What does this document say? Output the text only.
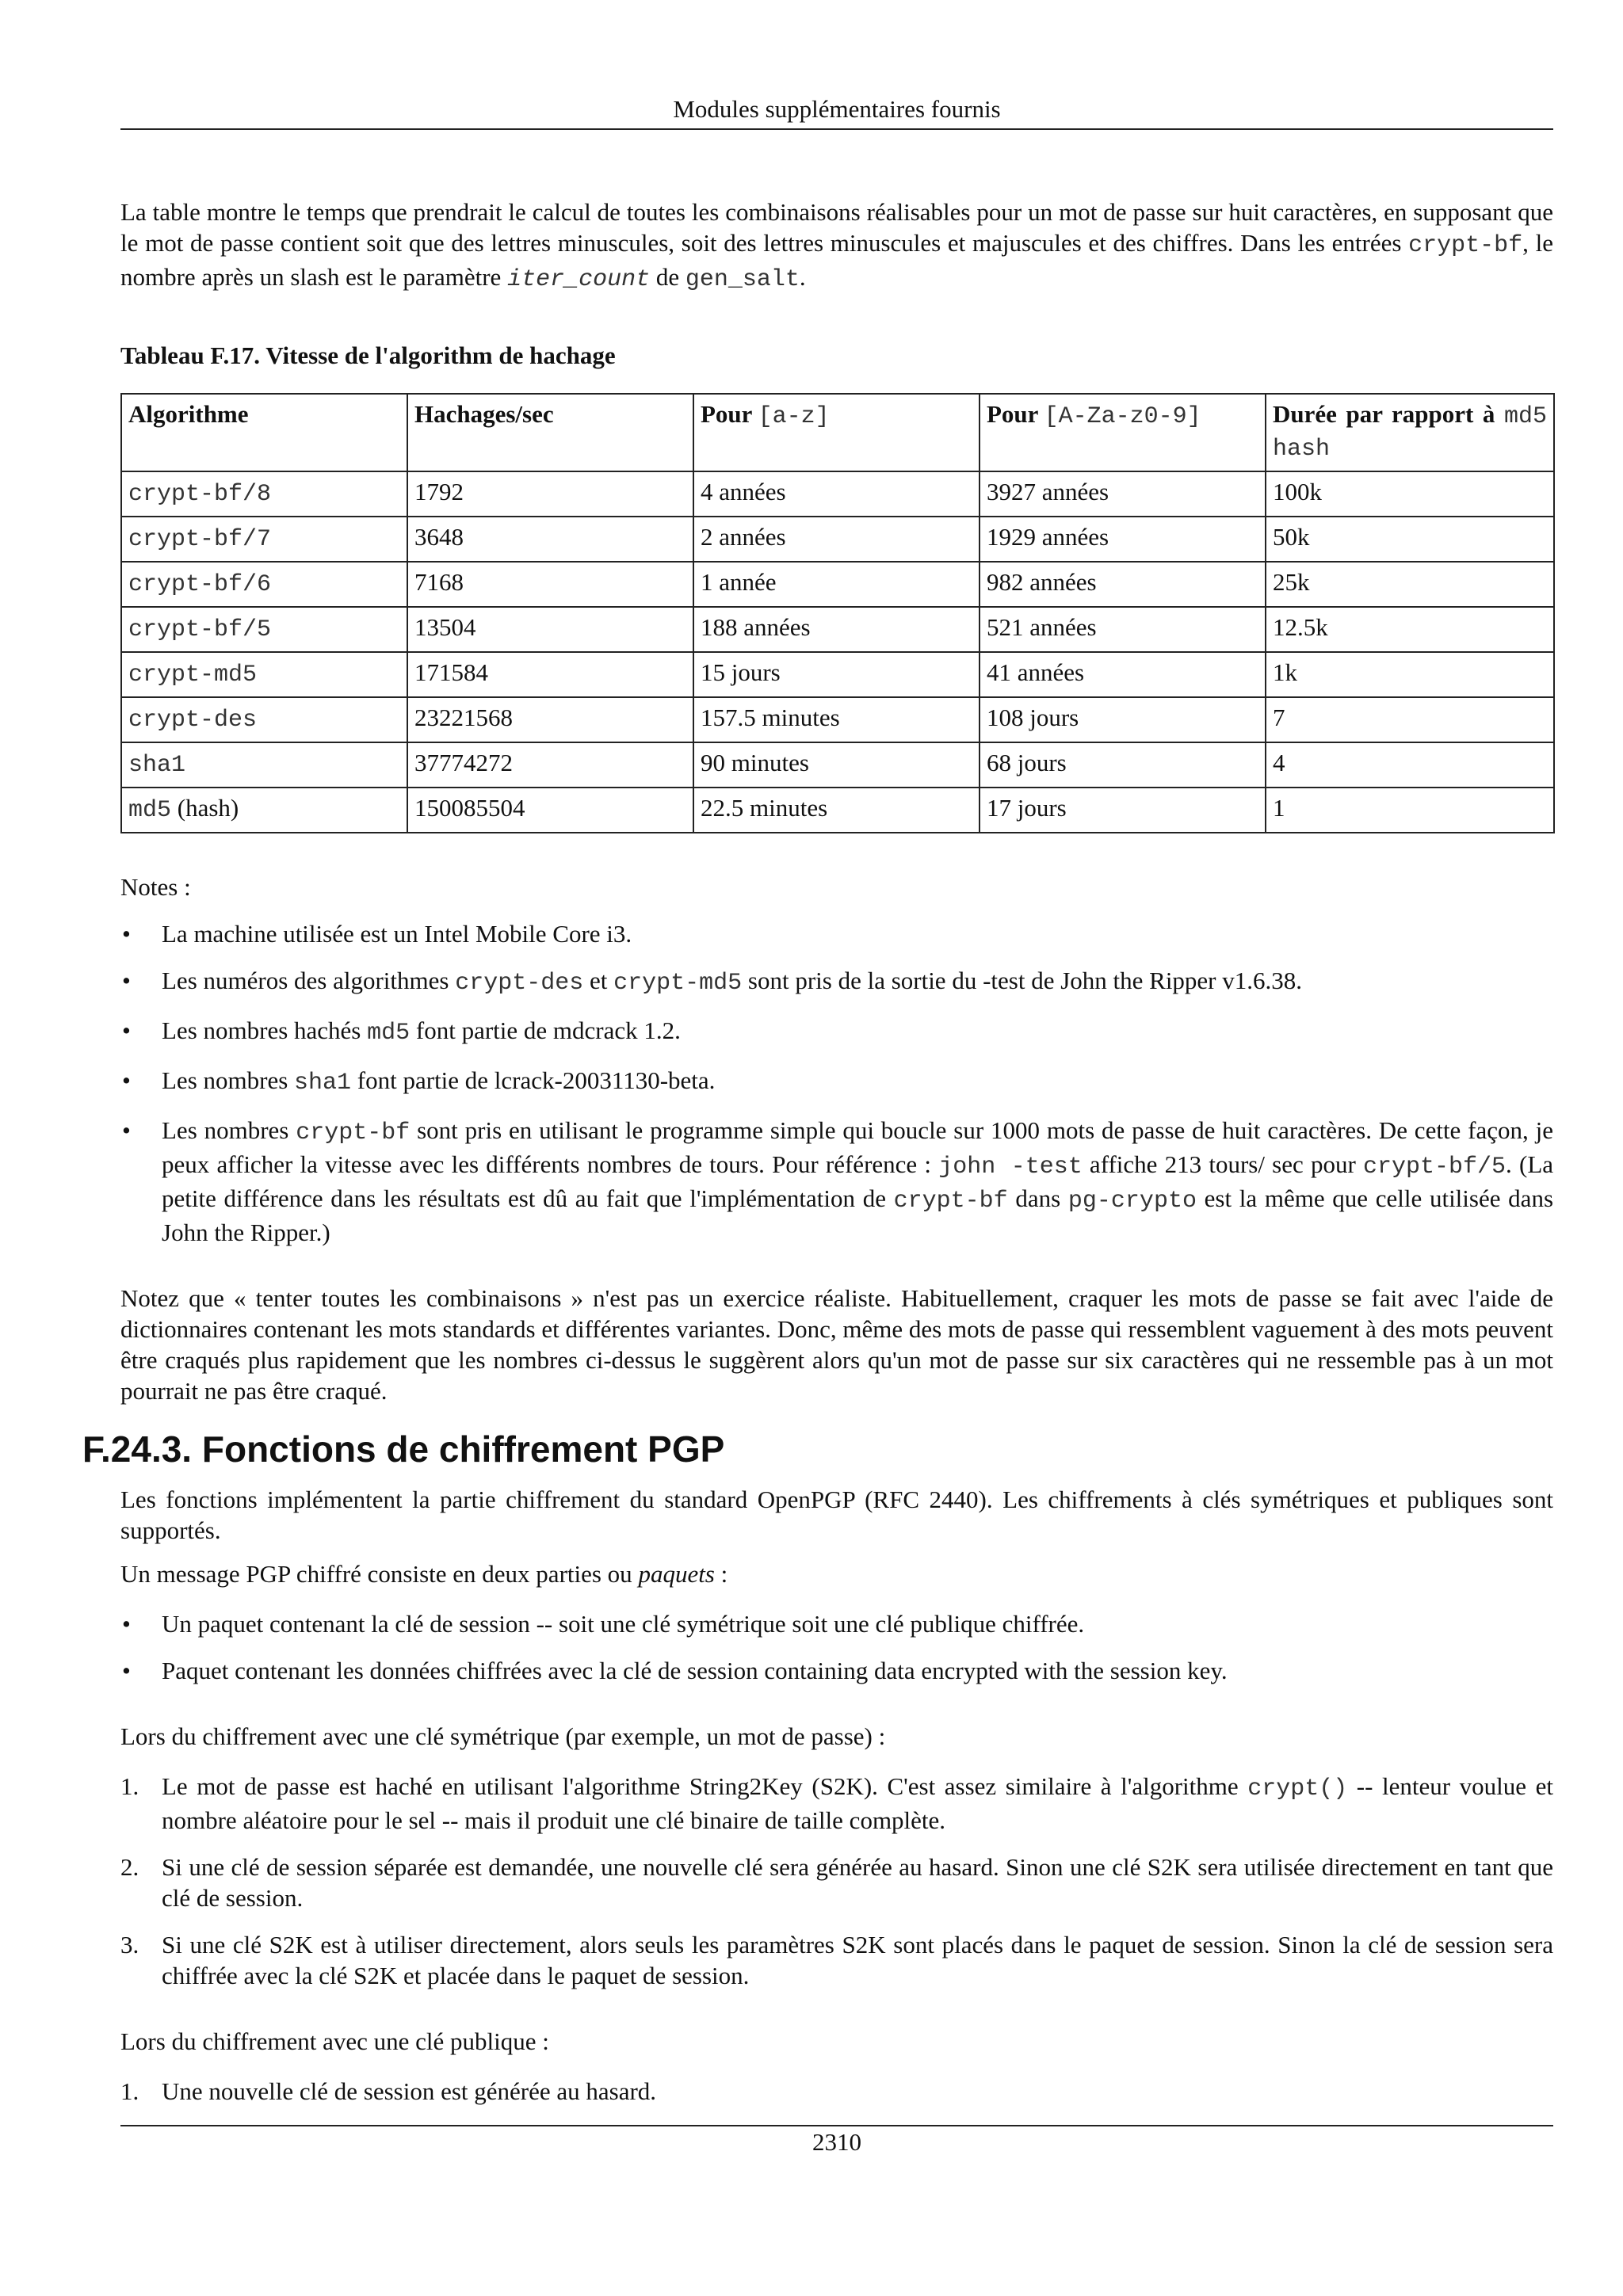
Modules supplémentaires fournis

La table montre le temps que prendrait le calcul de toutes les combinaisons réalisables pour un mot de passe sur huit caractères, en supposant que le mot de passe contient soit que des lettres minuscules, soit des lettres minuscules et majuscules et des chiffres. Dans les entrées crypt-bf, le nombre après un slash est le paramètre iter_count de gen_salt.

Tableau F.17. Vitesse de l'algorithm de hachage
Algorithme	Hachages/sec	Pour [a-z]	Pour [A-Za-z0-9]	Durée par rapport à md5 hash
crypt-bf/8	1792	4 années	3927 années	100k
crypt-bf/7	3648	2 années	1929 années	50k
crypt-bf/6	7168	1 année	982 années	25k
crypt-bf/5	13504	188 années	521 années	12.5k
crypt-md5	171584	15 jours	41 années	1k
crypt-des	23221568	157.5 minutes	108 jours	7
sha1	37774272	90 minutes	68 jours	4
md5 (hash)	150085504	22.5 minutes	17 jours	1

Notes :

• La machine utilisée est un Intel Mobile Core i3.
• Les numéros des algorithmes crypt-des et crypt-md5 sont pris de la sortie du -test de John the Ripper v1.6.38.
• Les nombres hachés md5 font partie de mdcrack 1.2.
• Les nombres sha1 font partie de lcrack-20031130-beta.
• Les nombres crypt-bf sont pris en utilisant le programme simple qui boucle sur 1000 mots de passe de huit caractères. De cette façon, je peux afficher la vitesse avec les différents nombres de tours. Pour référence : john -test affiche 213 tours/ sec pour crypt-bf/5. (La petite différence dans les résultats est dû au fait que l'implémentation de crypt-bf dans pg-crypto est la même que celle utilisée dans John the Ripper.)

Notez que « tenter toutes les combinaisons » n'est pas un exercice réaliste. Habituellement, craquer les mots de passe se fait avec l'aide de dictionnaires contenant les mots standards et différentes variantes. Donc, même des mots de passe qui ressemblent vaguement à des mots peuvent être craqués plus rapidement que les nombres ci-dessus le suggèrent alors qu'un mot de passe sur six caractères qui ne ressemble pas à un mot pourrait ne pas être craqué.

F.24.3. Fonctions de chiffrement PGP

Les fonctions implémentent la partie chiffrement du standard OpenPGP (RFC 2440). Les chiffrements à clés symétriques et publiques sont supportés.

Un message PGP chiffré consiste en deux parties ou paquets :

• Un paquet contenant la clé de session -- soit une clé symétrique soit une clé publique chiffrée.
• Paquet contenant les données chiffrées avec la clé de session containing data encrypted with the session key.

Lors du chiffrement avec une clé symétrique (par exemple, un mot de passe) :

1. Le mot de passe est haché en utilisant l'algorithme String2Key (S2K). C'est assez similaire à l'algorithme crypt() -- lenteur voulue et nombre aléatoire pour le sel -- mais il produit une clé binaire de taille complète.
2. Si une clé de session séparée est demandée, une nouvelle clé sera générée au hasard. Sinon une clé S2K sera utilisée directement en tant que clé de session.
3. Si une clé S2K est à utiliser directement, alors seuls les paramètres S2K sont placés dans le paquet de session. Sinon la clé de session sera chiffrée avec la clé S2K et placée dans le paquet de session.

Lors du chiffrement avec une clé publique :

1. Une nouvelle clé de session est générée au hasard.
2310
